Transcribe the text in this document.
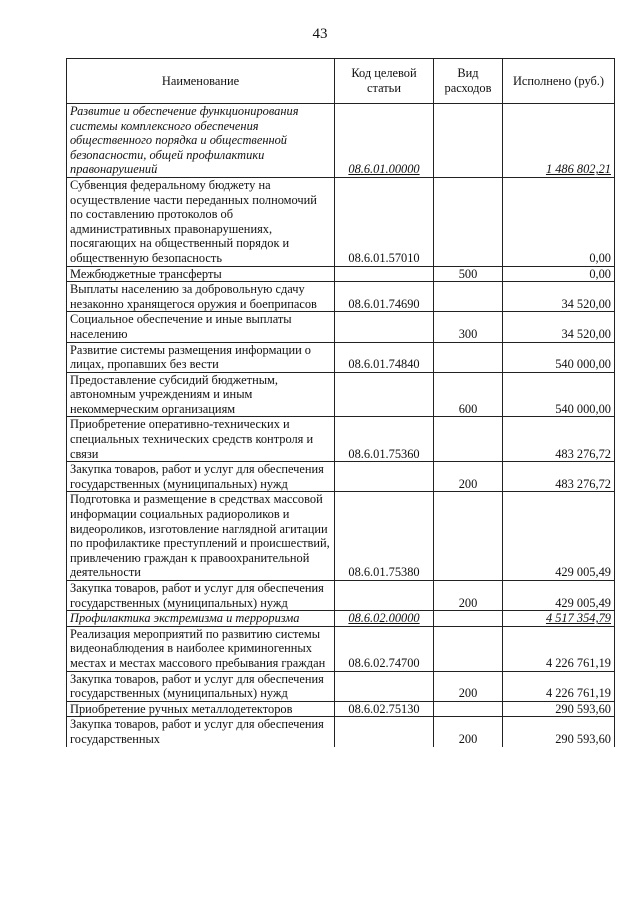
43
Наименование	Код целевой статьи	Вид расходов	Исполнено (руб.)
Развитие и обеспечение функционирования системы комплексного обеспечения общественного порядка и общественной безопасности, общей профилактики правонарушений	08.6.01.00000		1 486 802,21
Субвенция федеральному бюджету на осуществление части переданных полномочий по составлению протоколов об административных правонарушениях, посягающих на общественный порядок и общественную безопасность	08.6.01.57010		0,00
Межбюджетные трансферты		500	0,00
Выплаты населению за добровольную сдачу незаконно хранящегося оружия и боеприпасов	08.6.01.74690		34 520,00
Социальное обеспечение и иные выплаты населению		300	34 520,00
Развитие системы размещения информации о лицах, пропавших без вести	08.6.01.74840		540 000,00
Предоставление субсидий бюджетным, автономным учреждениям и иным некоммерческим организациям		600	540 000,00
Приобретение оперативно-технических и специальных технических средств контроля и связи	08.6.01.75360		483 276,72
Закупка товаров, работ и услуг для обеспечения государственных (муниципальных) нужд		200	483 276,72
Подготовка и размещение в средствах массовой информации социальных радиороликов и видеороликов, изготовление наглядной агитации по профилактике преступлений и происшествий, привлечению граждан к правоохранительной деятельности	08.6.01.75380		429 005,49
Закупка товаров, работ и услуг для обеспечения государственных (муниципальных) нужд		200	429 005,49
Профилактика экстремизма и терроризма	08.6.02.00000		4 517 354,79
Реализация мероприятий по развитию системы видеонаблюдения в наиболее криминогенных местах и местах массового пребывания граждан	08.6.02.74700		4 226 761,19
Закупка товаров, работ и услуг для обеспечения государственных (муниципальных) нужд		200	4 226 761,19
Приобретение ручных металлодетекторов	08.6.02.75130		290 593,60
Закупка товаров, работ и услуг для обеспечения государственных		200	290 593,60
